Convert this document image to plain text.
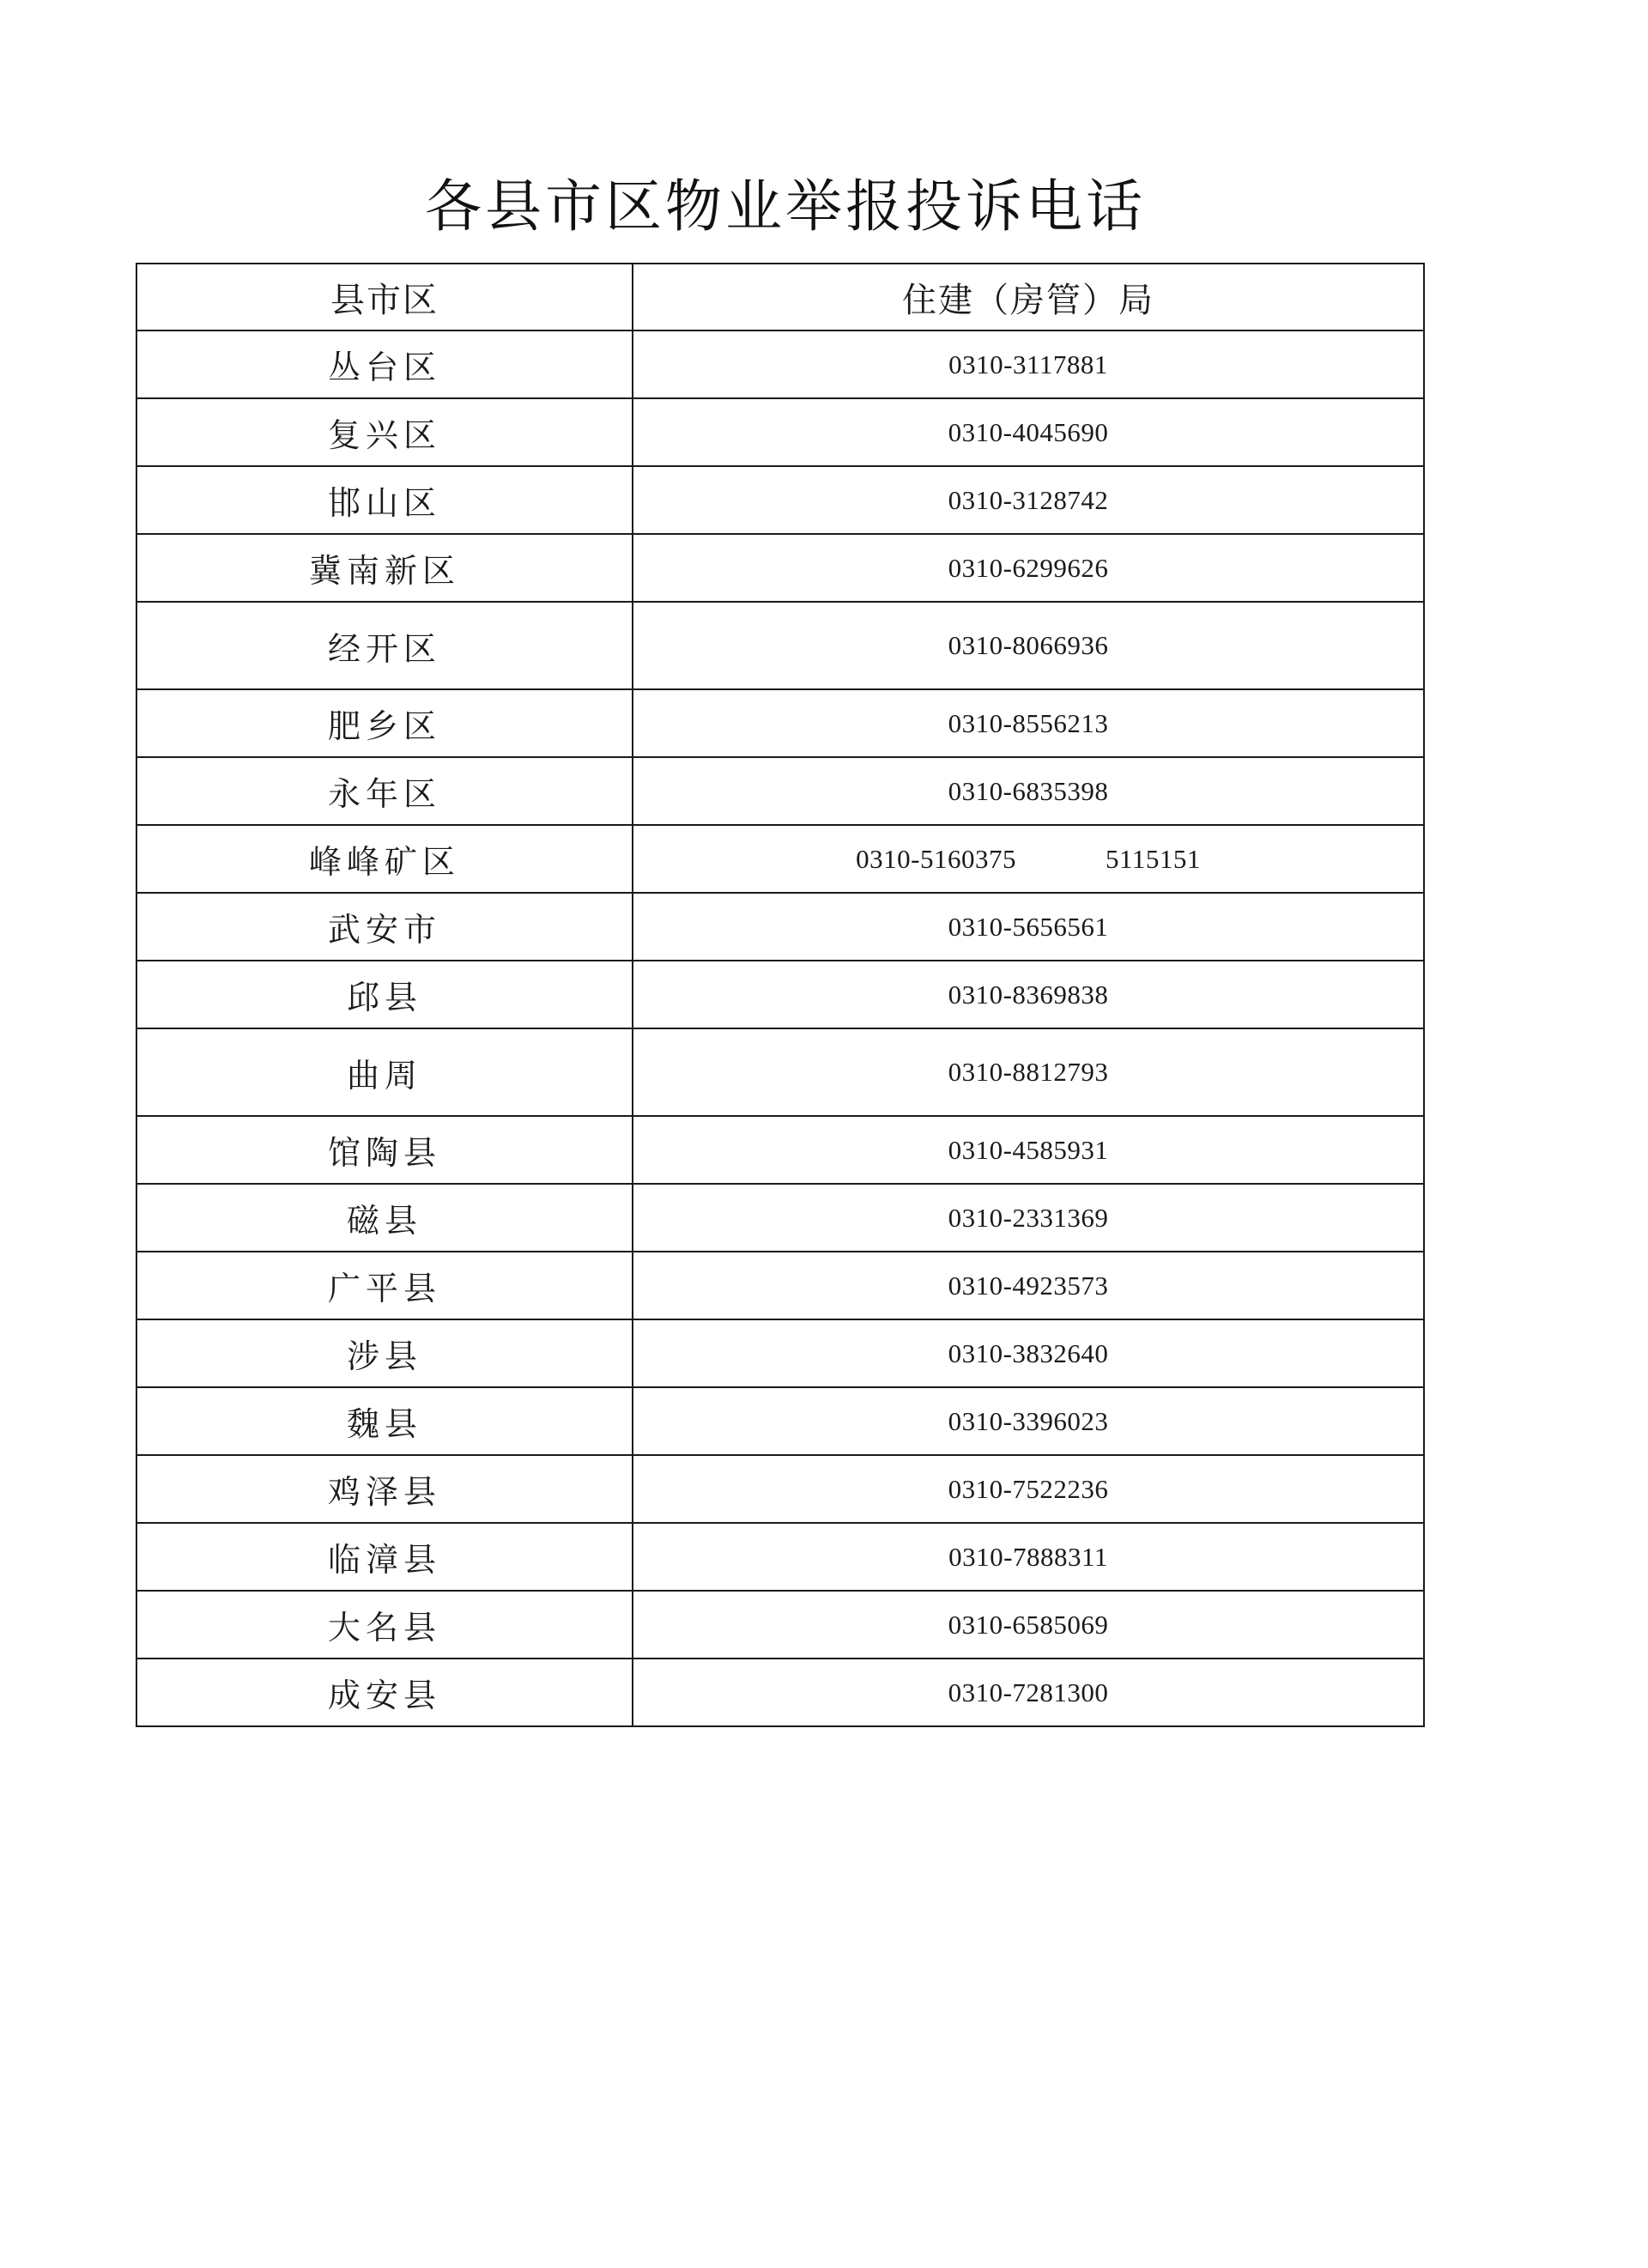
各县市区物业举报投诉电话
县市区	住建（房管）局
丛台区	0310-3117881
复兴区	0310-4045690
邯山区	0310-3128742
冀南新区	0310-6299626
经开区	0310-8066936
肥乡区	0310-8556213
永年区	0310-6835398
峰峰矿区	0310-5160375 5115151
武安市	0310-5656561
邱县	0310-8369838
曲周	0310-8812793
馆陶县	0310-4585931
磁县	0310-2331369
广平县	0310-4923573
涉县	0310-3832640
魏县	0310-3396023
鸡泽县	0310-7522236
临漳县	0310-7888311
大名县	0310-6585069
成安县	0310-7281300
